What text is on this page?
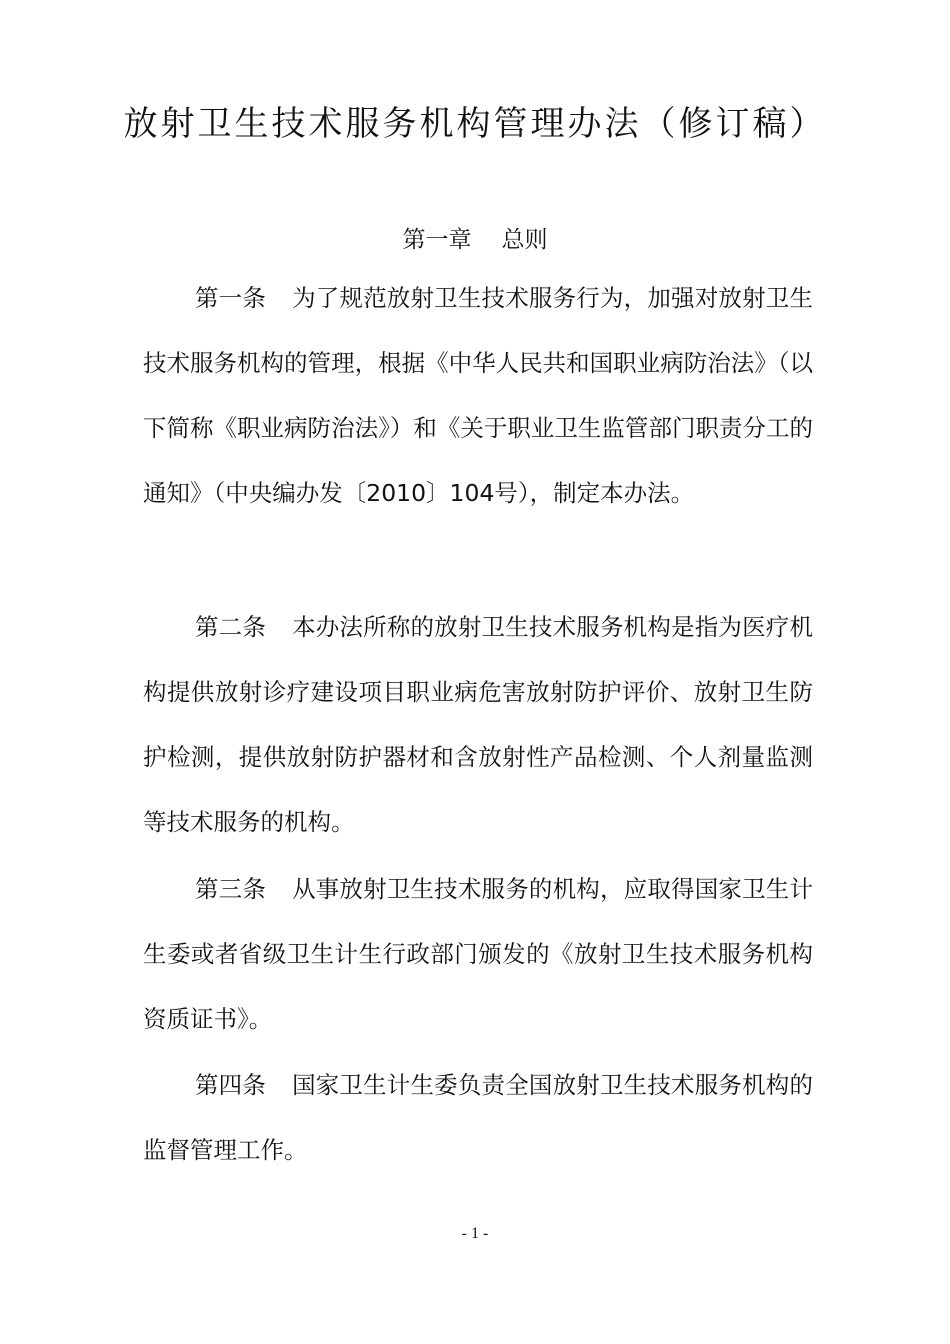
放射卫生技术服务机构管理办法（修订稿）
第一章 总则

第一条 为了规范放射卫生技术服务行为，加强对放射卫生技术服务机构的管理，根据《中华人民共和国职业病防治法》（以下简称《职业病防治法》）和《关于职业卫生监管部门职责分工的通知》（中央编办发〔2010〕104号），制定本办法。

第二条 本办法所称的放射卫生技术服务机构是指为医疗机构提供放射诊疗建设项目职业病危害放射防护评价、放射卫生防护检测，提供放射防护器材和含放射性产品检测、个人剂量监测等技术服务的机构。

第三条 从事放射卫生技术服务的机构，应取得国家卫生计生委或者省级卫生计生行政部门颁发的《放射卫生技术服务机构资质证书》。

第四条 国家卫生计生委负责全国放射卫生技术服务机构的监督管理工作。

- 1 -
